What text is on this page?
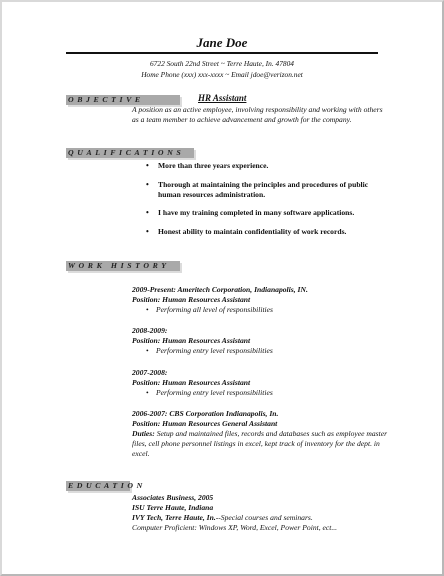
Jane Doe
6722 South 22nd Street ~ Terre Haute, In. 47804
Home Phone (xxx) xxx-xxxx ~ Email jdoe@verizon.net
OBJECTIVE	HR Assistant
A position as an active employee, involving responsibility and working with others as a team member to achieve advancement and growth for the company.
QUALIFICATIONS
• More than three years experience.
• Thorough at maintaining the principles and procedures of public human resources administration.
• I have my training completed in many software applications.
• Honest ability to maintain confidentiality of work records.
WORK HISTORY
2009-Present: Ameritech Corporation, Indianapolis, IN.
Position: Human Resources Assistant
• Performing all level of responsibilities
2008-2009:
Position: Human Resources Assistant
• Performing entry level responsibilities
2007-2008:
Position: Human Resources Assistant
• Performing entry level responsibilities
2006-2007: CBS Corporation Indianapolis, In.
Position: Human Resources General Assistant
Duties: Setup and maintained files, records and databases such as employee master files, cell phone personnel listings in excel, kept track of inventory for the dept. in excel.
EDUCATION
Associates Business, 2005
ISU Terre Haute, Indiana
IVY Tech, Terre Haute, In.--Special courses and seminars.
Computer Proficient: Windows XP, Word, Excel, Power Point, ect...
